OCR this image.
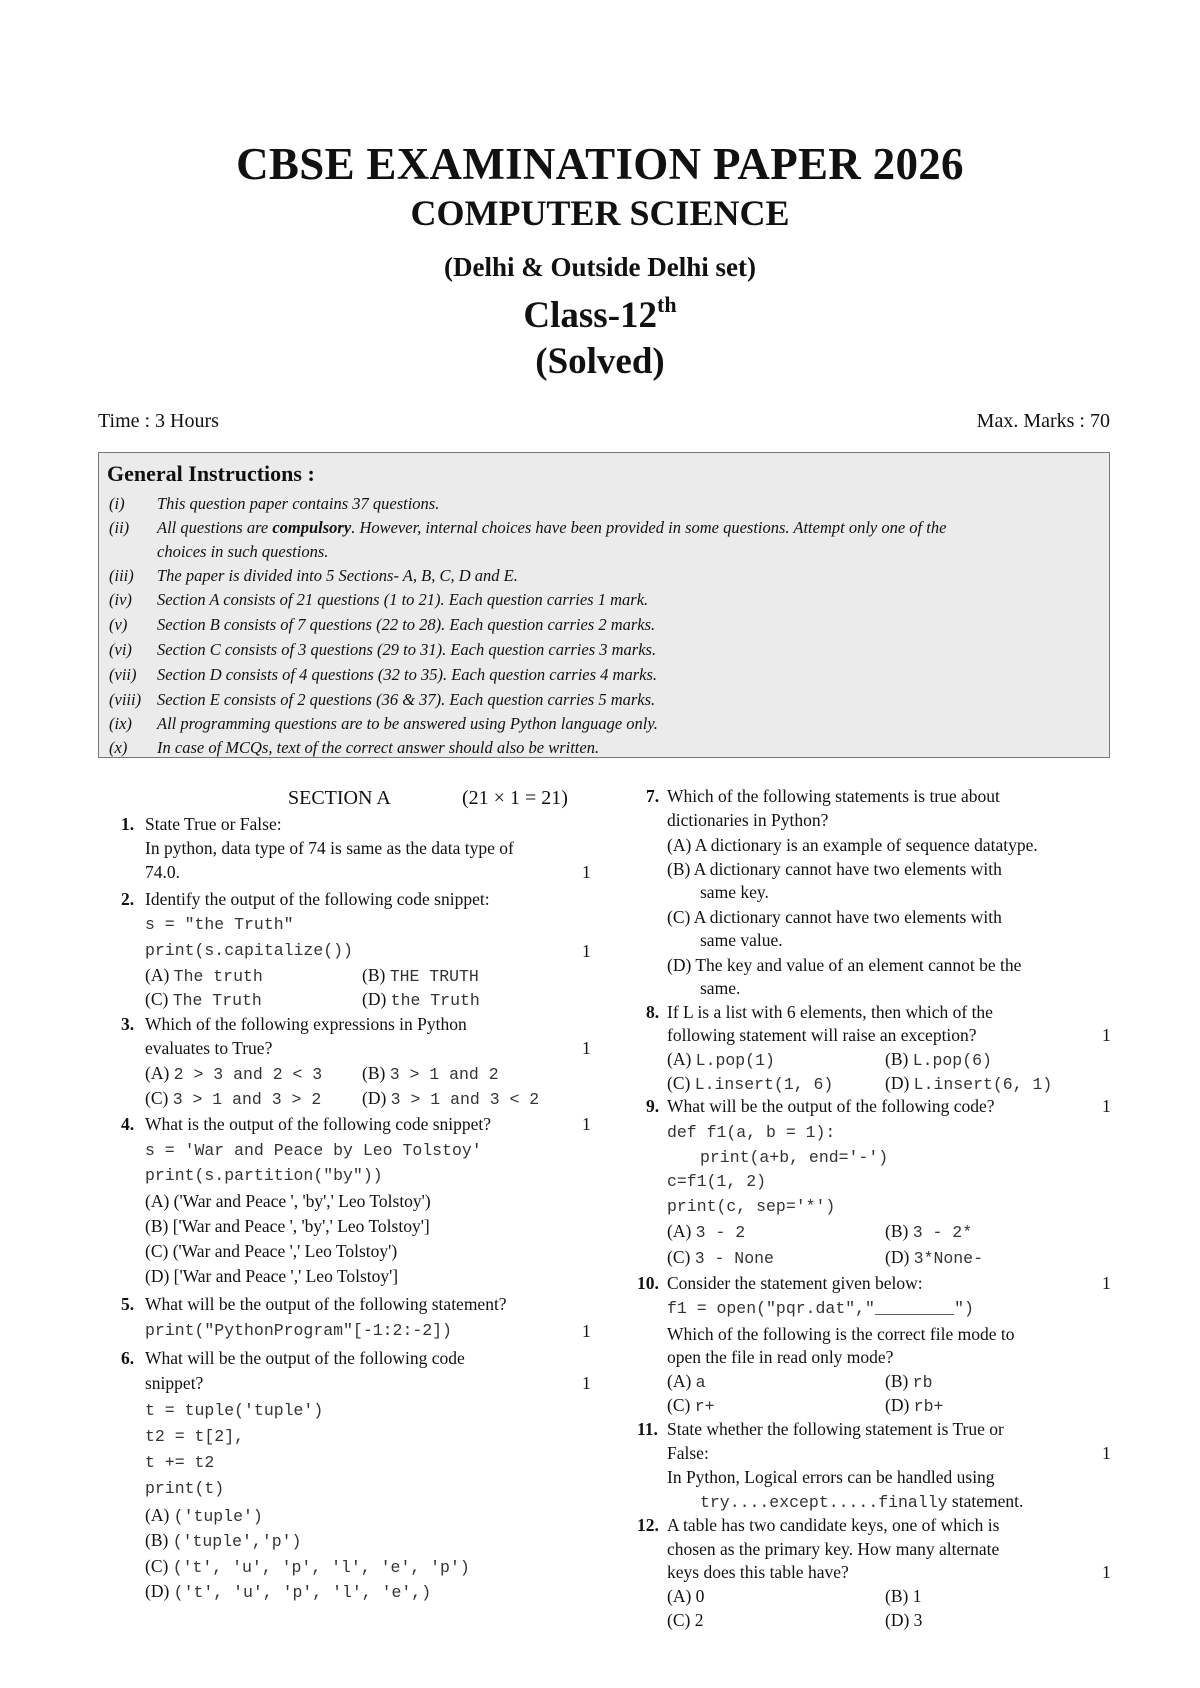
CBSE EXAMINATION PAPER 2026
COMPUTER SCIENCE
(Delhi & Outside Delhi set)
Class-12th
(Solved)
Time : 3 Hours	Max. Marks : 70
General Instructions :
(i)	This question paper contains 37 questions.
(ii)	All questions are compulsory. However, internal choices have been provided in some questions. Attempt only one of the
choices in such questions.
(iii)	The paper is divided into 5 Sections- A, B, C, D and E.
(iv)	Section A consists of 21 questions (1 to 21). Each question carries 1 mark.
(v)	Section B consists of 7 questions (22 to 28). Each question carries 2 marks.
(vi)	Section C consists of 3 questions (29 to 31). Each question carries 3 marks.
(vii)	Section D consists of 4 questions (32 to 35). Each question carries 4 marks.
(viii) Section E consists of 2 questions (36 & 37). Each question carries 5 marks.
(ix)	All programming questions are to be answered using Python language only.
(x)	In case of MCQs, text of the correct answer should also be written.
SECTION A	(21 × 1 = 21)
1. State True or False:
In python, data type of 74 is same as the data type of
74.0.	1
2. Identify the output of the following code snippet:
s = "the Truth"
print(s.capitalize())	1
(A) The truth	(B) THE TRUTH
(C) The Truth	(D) the Truth
3. Which of the following expressions in Python
evaluates to True?	1
(A) 2 > 3 and 2 < 3 (B) 3 > 1 and 2
(C) 3 > 1 and 3 > 2 (D) 3 > 1 and 3 < 2
4. What is the output of the following code snippet?	1
s = 'War and Peace by Leo Tolstoy'
print(s.partition("by"))
(A) ('War and Peace ', 'by',' Leo Tolstoy')
(B) ['War and Peace ', 'by',' Leo Tolstoy']
(C) ('War and Peace ',' Leo Tolstoy')
(D) ['War and Peace ',' Leo Tolstoy']
5. What will be the output of the following statement?
print("PythonProgram"[-1:2:-2])	1
6. What will be the output of the following code
snippet?	1
t = tuple('tuple')
t2 = t[2],
t += t2
print(t)
(A) ('tuple')
(B) ('tuple','p')
(C) ('t', 'u', 'p', 'l', 'e', 'p')
(D) ('t', 'u', 'p', 'l', 'e',)
7. Which of the following statements is true about
dictionaries in Python?
(A) A dictionary is an example of sequence datatype.
(B) A dictionary cannot have two elements with
same key.
(C) A dictionary cannot have two elements with
same value.
(D) The key and value of an element cannot be the
same.
8. If L is a list with 6 elements, then which of the
following statement will raise an exception?	1
(A) L.pop(1)	(B) L.pop(6)
(C) L.insert(1, 6)	(D) L.insert(6, 1)
9. What will be the output of the following code?	1
def f1(a, b = 1):
print(a+b, end='-')
c=f1(1, 2)
print(c, sep='*')
(A) 3 - 2	(B) 3 - 2*
(C) 3 - None	(D) 3*None-
10. Consider the statement given below:	1
f1 = open("pqr.dat","________")
Which of the following is the correct file mode to
open the file in read only mode?
(A) a	(B) rb
(C) r+	(D) rb+
11. State whether the following statement is True or
False:	1
In Python, Logical errors can be handled using
try....except.....finally statement.
12. A table has two candidate keys, one of which is
chosen as the primary key. How many alternate
keys does this table have?	1
(A) 0	(B) 1
(C) 2	(D) 3
